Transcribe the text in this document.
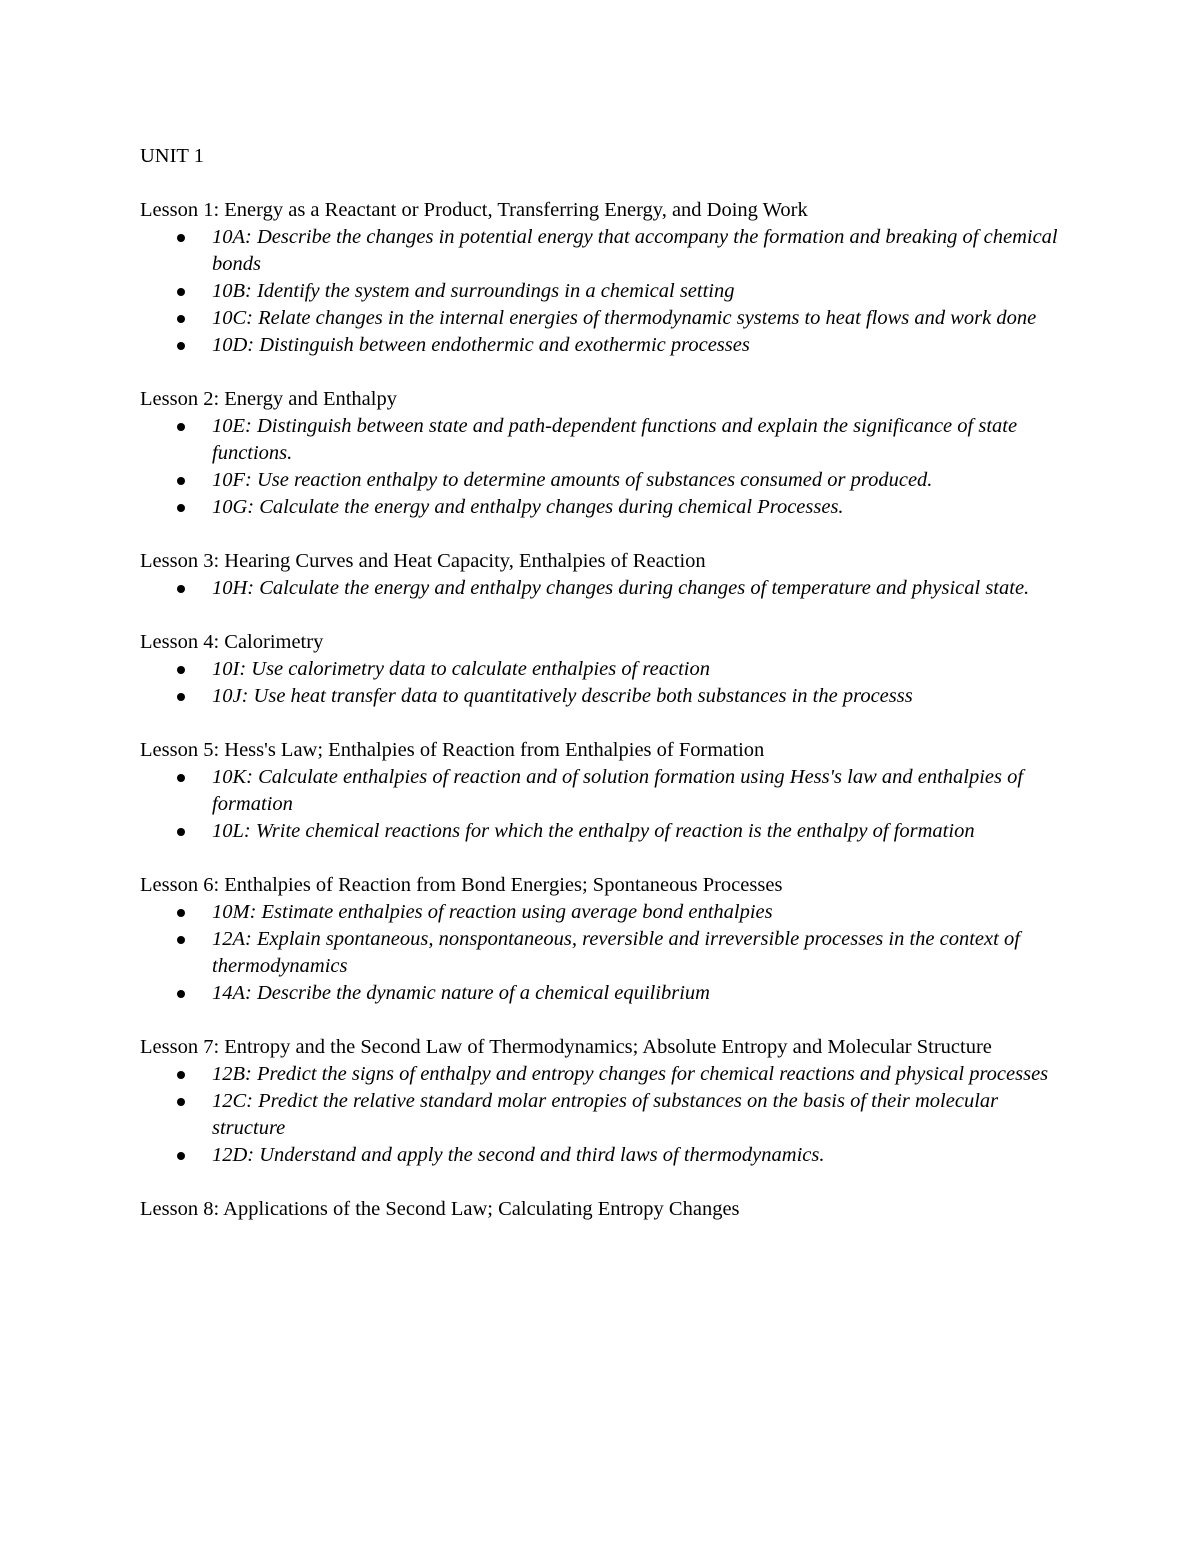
UNIT 1
Lesson 1: Energy as a Reactant or Product, Transferring Energy, and Doing Work
10A: Describe the changes in potential energy that accompany the formation and breaking of chemical bonds
10B: Identify the system and surroundings in a chemical setting
10C: Relate changes in the internal energies of thermodynamic systems to heat flows and work done
10D: Distinguish between endothermic and exothermic processes
Lesson 2: Energy and Enthalpy
10E: Distinguish between state and path-dependent functions and explain the significance of state functions.
10F: Use reaction enthalpy to determine amounts of substances consumed or produced.
10G: Calculate the energy and enthalpy changes during chemical Processes.
Lesson 3: Hearing Curves and Heat Capacity, Enthalpies of Reaction
10H: Calculate the energy and enthalpy changes during changes of temperature and physical state.
Lesson 4: Calorimetry
10I: Use calorimetry data to calculate enthalpies of reaction
10J: Use heat transfer data to quantitatively describe both substances in the processs
Lesson 5: Hess's Law; Enthalpies of Reaction from Enthalpies of Formation
10K: Calculate enthalpies of reaction and of solution formation using Hess's law and enthalpies of formation
10L: Write chemical reactions for which the enthalpy of reaction is the enthalpy of formation
Lesson 6: Enthalpies of Reaction from Bond Energies; Spontaneous Processes
10M: Estimate enthalpies of reaction using average bond enthalpies
12A: Explain spontaneous, nonspontaneous, reversible and irreversible processes in the context of thermodynamics
14A: Describe the dynamic nature of a chemical equilibrium
Lesson 7: Entropy and the Second Law of Thermodynamics; Absolute Entropy and Molecular Structure
12B: Predict the signs of enthalpy and entropy changes for chemical reactions and physical processes
12C: Predict the relative standard molar entropies of substances on the basis of their molecular structure
12D: Understand and apply the second and third laws of thermodynamics.
Lesson 8: Applications of the Second Law; Calculating Entropy Changes
